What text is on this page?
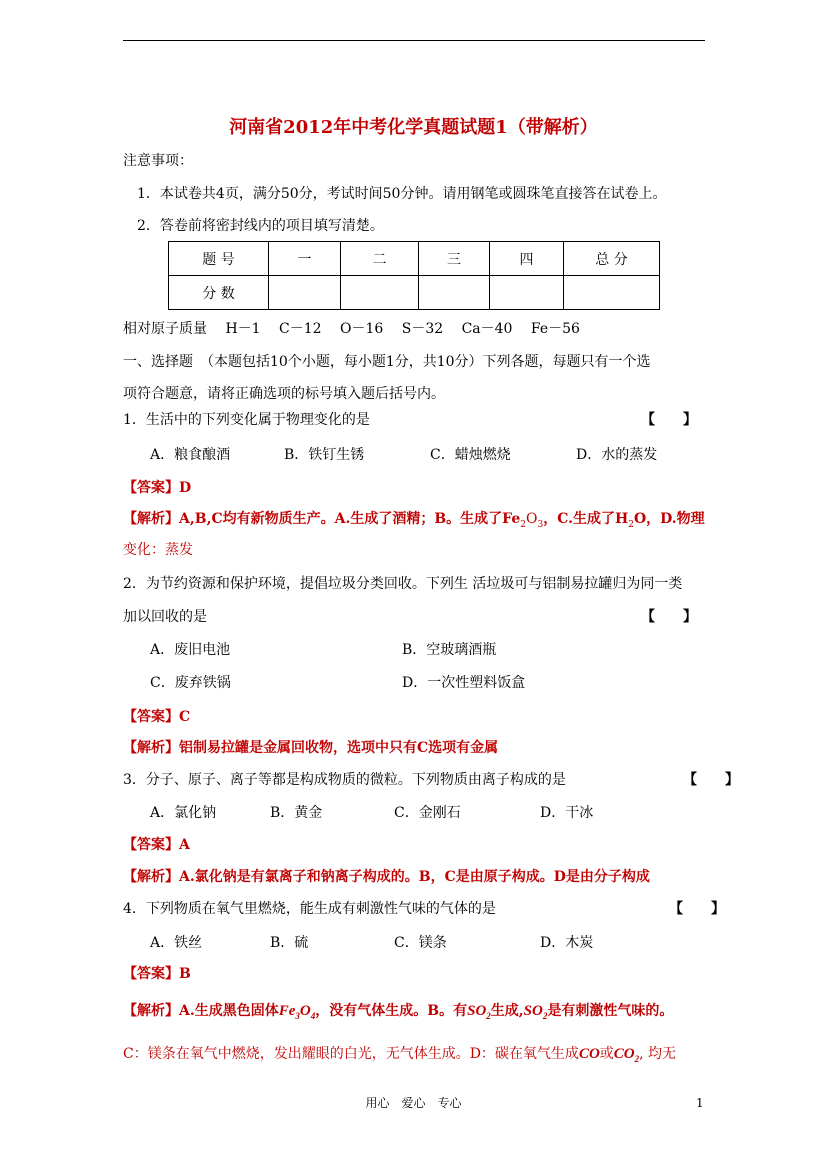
河南省2012年中考化学真题试题1（带解析）
注意事项：
1．本试卷共4页，满分50分，考试时间50分钟。请用钢笔或圆珠笔直接答在试卷上。
2．答卷前将密封线内的项目填写清楚。
题 号	一	二	三	四	总 分
分 数					
相对原子质量　 H－1　 C－12　 O－16　 S－32　 Ca－40　 Fe－56
一、选择题　（本题包括10个小题，每小题1分，共10分）下列各题，每题只有一个选
项符合题意，请将正确选项的标号填入题后括号内。
1．生活中的下列变化属于物理变化的是	【　　】
A．粮食酿酒	B．铁钉生锈	C．蜡烛燃烧	D．水的蒸发
【答案】D
【解析】A,B,C均有新物质生产。A.生成了酒精；B。生成了$Fe_2O_3$，C.生成了$H_2O$，D.物理
变化：蒸发
2．为节约资源和保护环境，提倡垃圾分类回收。下列生 活垃圾可与铝制易拉罐归为同一类
加以回收的是	【　　】
A．废旧电池	B．空玻璃酒瓶
C．废弃铁锅	D．一次性塑料饭盒
【答案】C
【解析】铝制易拉罐是金属回收物，选项中只有C选项有金属
3．分子、原子、离子等都是构成物质的微粒。下列物质由离子构成的是	【　　】
A．氯化钠	B．黄金	C．金刚石	D．干冰
【答案】A
【解析】A.氯化钠是有氯离子和钠离子构成的。B，C是由原子构成。D是由分子构成
4．下列物质在氧气里燃烧，能生成有刺激性气味的气体的是	【　　】
A．铁丝	B．硫	C．镁条	D．木炭
【答案】B
【解析】A.生成黑色固体$Fe_3O_4$，没有气体生成。B。有$SO_2$生成$,SO_2$是有刺激性气味的。
C：镁条在氧气中燃烧，发出耀眼的白光，无气体生成。D：碳在氧气生成CO或$CO_2$, 均无
用心　爱心　专心	1
